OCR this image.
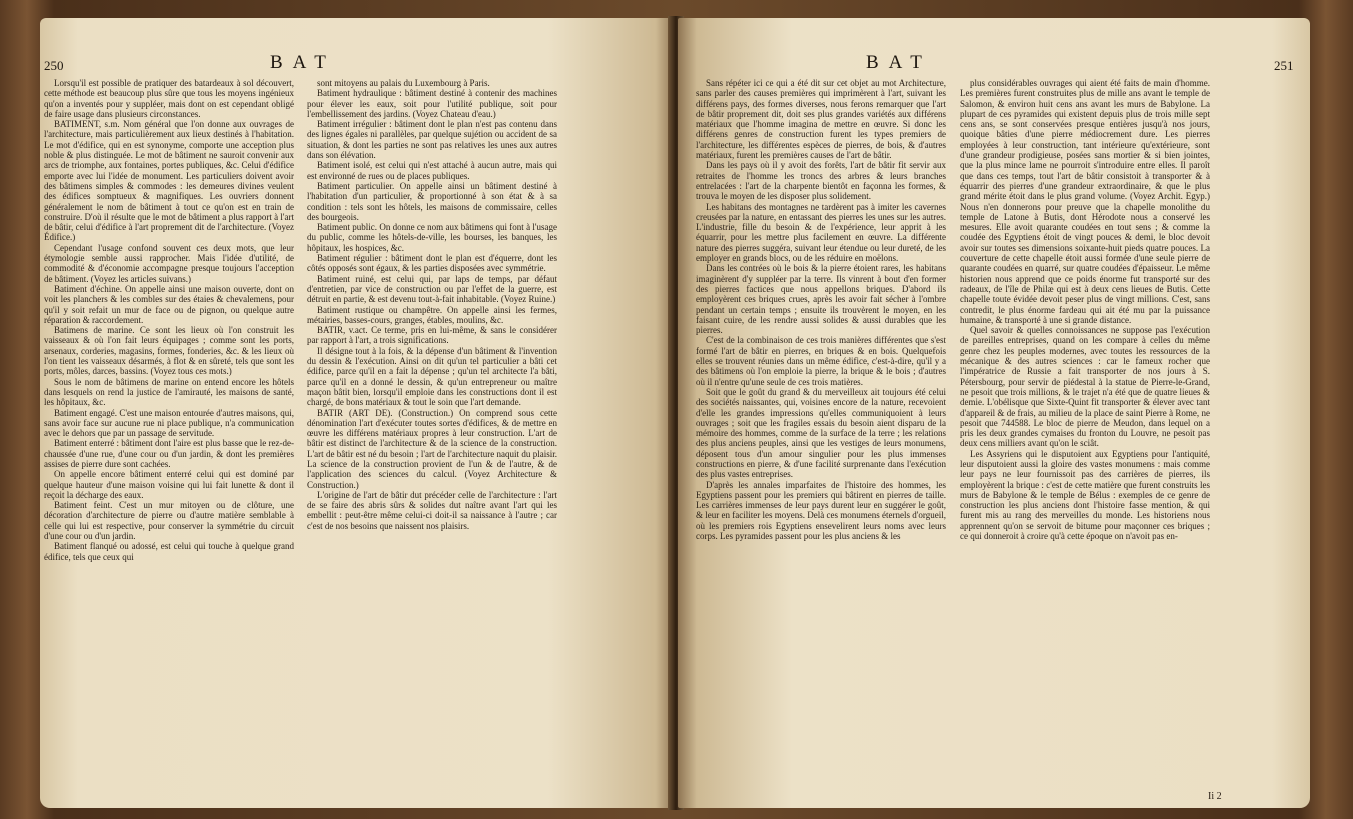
250	BAT

Lorsqu'il est possible de pratiquer des batardeaux à sol découvert, cette méthode est beaucoup plus sûre que tous les moyens ingénieux qu'on a inventés pour y suppléer, mais dont on est cependant obligé de faire usage dans plusieurs circonstances.

BATIMENT, s.m. Nom général que l'on donne aux ouvrages de l'architecture, mais particulièrement aux lieux destinés à l'habitation. Le mot d'édifice, qui en est synonyme, comporte une acception plus noble & plus distinguée. Le mot de bâtiment ne sauroit convenir aux arcs de triomphe, aux fontaines, portes publiques, &c. Celui d'édifice emporte avec lui l'idée de monument. Les particuliers doivent avoir des bâtimens simples & commodes : les demeures divines veulent des édifices somptueux & magnifiques. Les ouvriers donnent généralement le nom de bâtiment à tout ce qu'on est en train de construire. D'où il résulte que le mot de bâtiment a plus rapport à l'art de bâtir, celui d'édifice à l'art proprement dit de l'architecture. (Voyez Édifice.)

Cependant l'usage confond souvent ces deux mots, que leur étymologie semble aussi rapprocher. Mais l'idée d'utilité, de commodité & d'économie accompagne presque toujours l'acception de bâtiment. (Voyez les articles suivans.)

Batiment d'échine. On appelle ainsi une maison ouverte, dont on voit les planchers & les combles sur des étaies & chevalemens, pour qu'il y soit refait un mur de face ou de pignon, ou quelque autre réparation & raccordement.

Batimens de marine. Ce sont les lieux où l'on construit les vaisseaux & où l'on fait leurs équipages ; comme sont les ports, arsenaux, corderies, magasins, formes, fonderies, &c. & les lieux où l'on tient les vaisseaux désarmés, à flot & en sûreté, tels que sont les ports, môles, darces, bassins. (Voyez tous ces mots.)

Sous le nom de bâtimens de marine on entend encore les hôtels dans lesquels on rend la justice de l'amirauté, les maisons de santé, les hôpitaux, &c.

Batiment engagé. C'est une maison entourée d'autres maisons, qui, sans avoir face sur aucune rue ni place publique, n'a communication avec le dehors que par un passage de servitude.

Batiment enterré : bâtiment dont l'aire est plus basse que le rez-de-chaussée d'une rue, d'une cour ou d'un jardin, & dont les premières assises de pierre dure sont cachées.

On appelle encore bâtiment enterré celui qui est dominé par quelque hauteur d'une maison voisine qui lui fait lunette & dont il reçoit la décharge des eaux.

Batiment feint. C'est un mur mitoyen ou de clôture, une décoration d'architecture de pierre ou d'autre matière semblable à celle qui lui est respective, pour conserver la symmétrie du circuit d'une cour ou d'un jardin.

Batiment flanqué ou adossé, est celui qui touche à quelque grand édifice, tels que ceux qui

sont mitoyens au palais du Luxembourg à Paris.

Batiment hydraulique : bâtiment destiné à contenir des machines pour élever les eaux, soit pour l'utilité publique, soit pour l'embellissement des jardins. (Voyez Chateau d'eau.)

Batiment irrégulier : bâtiment dont le plan n'est pas contenu dans des lignes égales ni parallèles, par quelque sujétion ou accident de sa situation, & dont les parties ne sont pas relatives les unes aux autres dans son élévation.

Batiment isolé, est celui qui n'est attaché à aucun autre, mais qui est environné de rues ou de places publiques.

Batiment particulier. On appelle ainsi un bâtiment destiné à l'habitation d'un particulier, & proportionné à son état & à sa condition : tels sont les hôtels, les maisons de commissaire, celles des bourgeois.

Batiment public. On donne ce nom aux bâtimens qui font à l'usage du public, comme les hôtels-de-ville, les bourses, les banques, les hôpitaux, les hospices, &c.

Batiment régulier : bâtiment dont le plan est d'équerre, dont les côtés opposés sont égaux, & les parties disposées avec symmétrie.

Batiment ruiné, est celui qui, par laps de temps, par défaut d'entretien, par vice de construction ou par l'effet de la guerre, est détruit en partie, & est devenu tout-à-fait inhabitable. (Voyez Ruine.)

Batiment rustique ou champêtre. On appelle ainsi les fermes, métairies, basses-cours, granges, étables, moulins, &c.

BATIR, v.act. Ce terme, pris en lui-même, & sans le considérer par rapport à l'art, a trois significations.

Il désigne tout à la fois, & la dépense d'un bâtiment & l'invention du dessin & l'exécution. Ainsi on dit qu'un tel particulier a bâti cet édifice, parce qu'il en a fait la dépense ; qu'un tel architecte l'a bâti, parce qu'il en a donné le dessin, & qu'un entrepreneur ou maître maçon bâtit bien, lorsqu'il emploie dans les constructions dont il est chargé, de bons matériaux & tout le soin que l'art demande.

BATIR (ART DE). (Construction.) On comprend sous cette dénomination l'art d'exécuter toutes sortes d'édifices, & de mettre en œuvre les différens matériaux propres à leur construction. L'art de bâtir est distinct de l'architecture & de la science de la construction. L'art de bâtir est né du besoin ; l'art de l'architecture naquit du plaisir. La science de la construction provient de l'un & de l'autre, & de l'application des sciences du calcul. (Voyez Architecture & Construction.)

L'origine de l'art de bâtir dut précéder celle de l'architecture : l'art de se faire des abris sûrs & solides dut naître avant l'art qui les embellit : peut-être même celui-ci doit-il sa naissance à l'autre ; car c'est de nos besoins que naissent nos plaisirs.

BAT	251

Sans répéter ici ce qui a été dit sur cet objet au mot Architecture, sans parler des causes premières qui imprimèrent à l'art, suivant les différens pays, des formes diverses, nous ferons remarquer que l'art de bâtir proprement dit, doit ses plus grandes variétés aux différens matériaux que l'homme imagina de mettre en œuvre. Si donc les différens genres de construction furent les types premiers de l'architecture, les différentes espèces de pierres, de bois, & d'autres matériaux, furent les premières causes de l'art de bâtir.

Dans les pays où il y avoit des forêts, l'art de bâtir fit servir aux retraites de l'homme les troncs des arbres & leurs branches entrelacées : l'art de la charpente bientôt en façonna les formes, & trouva le moyen de les disposer plus solidement.

Les habitans des montagnes ne tardèrent pas à imiter les cavernes creusées par la nature, en entassant des pierres les unes sur les autres. L'industrie, fille du besoin & de l'expérience, leur apprit à les équarrir, pour les mettre plus facilement en œuvre. La différente nature des pierres suggéra, suivant leur étendue ou leur dureté, de les employer en grands blocs, ou de les réduire en moëlons.

Dans les contrées où le bois & la pierre étoient rares, les habitans imaginèrent d'y suppléer par la terre. Ils vinrent à bout d'en former des pierres factices que nous appellons briques. D'abord ils employèrent ces briques crues, après les avoir fait sécher à l'ombre pendant un certain temps ; ensuite ils trouvèrent le moyen, en les faisant cuire, de les rendre aussi solides & aussi durables que les pierres.

C'est de la combinaison de ces trois manières différentes que s'est formé l'art de bâtir en pierres, en briques & en bois. Quelquefois elles se trouvent réunies dans un même édifice, c'est-à-dire, qu'il y a des bâtimens où l'on emploie la pierre, la brique & le bois ; d'autres où il n'entre qu'une seule de ces trois matières.

Soit que le goût du grand & du merveilleux ait toujours été celui des sociétés naissantes, qui, voisines encore de la nature, recevoient d'elle les grandes impressions qu'elles communiquoient à leurs ouvrages ; soit que les fragiles essais du besoin aient disparu de la mémoire des hommes, comme de la surface de la terre ; les relations des plus anciens peuples, ainsi que les vestiges de leurs monumens, déposent tous d'un amour singulier pour les plus immenses constructions en pierre, & d'une facilité surprenante dans l'exécution des plus vastes entreprises.

D'après les annales imparfaites de l'histoire des hommes, les Egyptiens passent pour les premiers qui bâtirent en pierres de taille. Les carrières immenses de leur pays durent leur en suggérer le goût, & leur en faciliter les moyens. Delà ces monumens éternels d'orgueil, où les premiers rois Egyptiens ensevelirent leurs noms avec leurs corps. Les pyramides passent pour les plus anciens & les

plus considérables ouvrages qui aient été faits de main d'homme. Les premières furent construites plus de mille ans avant le temple de Salomon, & environ huit cens ans avant les murs de Babylone. La plupart de ces pyramides qui existent depuis plus de trois mille sept cens ans, se sont conservées presque entières jusqu'à nos jours, quoique bâties d'une pierre médiocrement dure. Les pierres employées à leur construction, tant intérieure qu'extérieure, sont d'une grandeur prodigieuse, posées sans mortier & si bien jointes, que la plus mince lame ne pourroit s'introduire entre elles. Il paroît que dans ces temps, tout l'art de bâtir consistoit à transporter & à équarrir des pierres d'une grandeur extraordinaire, & que le plus grand mérite étoit dans le plus grand volume. (Voyez Archit. Egyp.) Nous n'en donnerons pour preuve que la chapelle monolithe du temple de Latone à Butis, dont Hérodote nous a conservé les mesures. Elle avoit quarante coudées en tout sens ; & comme la coudée des Egyptiens étoit de vingt pouces & demi, le bloc devoit avoir sur toutes ses dimensions soixante-huit pieds quatre pouces. La couverture de cette chapelle étoit aussi formée d'une seule pierre de quarante coudées en quarré, sur quatre coudées d'épaisseur. Le même historien nous apprend que ce poids énorme fut transporté sur des radeaux, de l'île de Philæ qui est à deux cens lieues de Butis. Cette chapelle toute évidée devoit peser plus de vingt millions. C'est, sans contredit, le plus énorme fardeau qui ait été mu par la puissance humaine, & transporté à une si grande distance.

Quel savoir & quelles connoissances ne suppose pas l'exécution de pareilles entreprises, quand on les compare à celles du même genre chez les peuples modernes, avec toutes les ressources de la mécanique & des autres sciences : car le fameux rocher que l'impératrice de Russie a fait transporter de nos jours à S. Pétersbourg, pour servir de piédestal à la statue de Pierre-le-Grand, ne pesoit que trois millions, & le trajet n'a été que de quatre lieues & demie. L'obélisque que Sixte-Quint fit transporter & élever avec tant d'appareil & de frais, au milieu de la place de saint Pierre à Rome, ne pesoit que 744588. Le bloc de pierre de Meudon, dans lequel on a pris les deux grandes cymaises du fronton du Louvre, ne pesoit pas deux cens milliers avant qu'on le sciât.

Les Assyriens qui le disputoient aux Egyptiens pour l'antiquité, leur disputoient aussi la gloire des vastes monumens : mais comme leur pays ne leur fournissoit pas des carrières de pierres, ils employèrent la brique : c'est de cette matière que furent construits les murs de Babylone & le temple de Bélus : exemples de ce genre de construction les plus anciens dont l'histoire fasse mention, & qui furent mis au rang des merveilles du monde. Les historiens nous apprennent qu'on se servoit de bitume pour maçonner ces briques ; ce qui donneroit à croire qu'à cette époque on n'avoit pas en-

Ii 2
